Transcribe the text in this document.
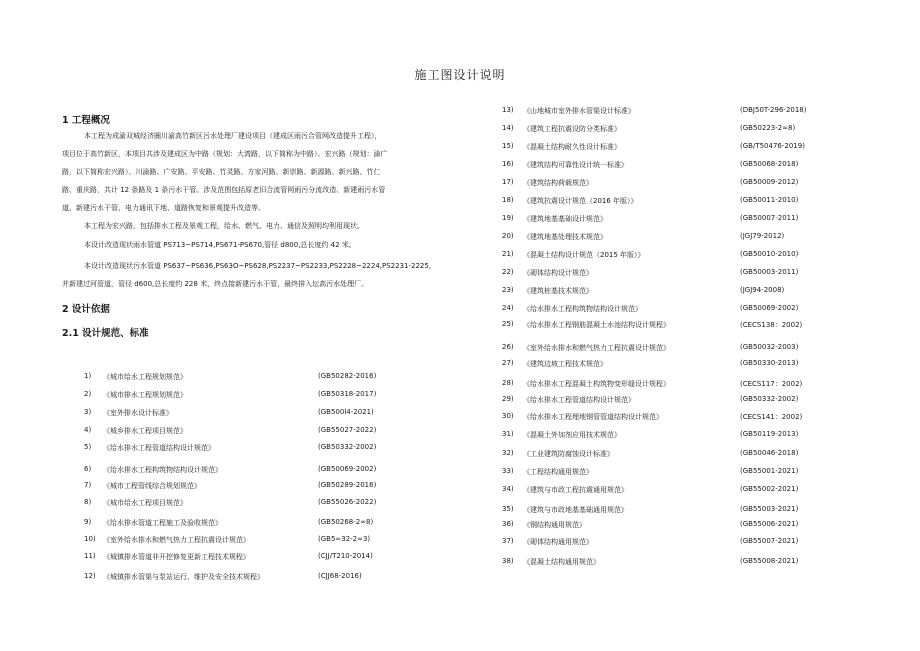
施工图设计说明
1 工程概况
本工程为成渝双城经济圈川渝高竹新区污水处理厂建设项目（建成区雨污合管网改造提升工程），
项目位于高竹新区，本项目共涉及建成区为中路（规划：大湾路，以下简称为中路）、宏兴路（规划：渝广
路，以下简称宏兴路）、川渝路、广安路、平安路、竹灵路、方家河路、新崇路、新源路、新兴路、竹仁
路、重庆路，共计 12 条路及 1 条污水干管。涉及范围包括原老旧合流管网雨污分流改造、新建雨污水管
道、新建污水干管、电力通讯下地、道路恢复和景观提升改造等。
本工程为宏兴路，包括排水工程及景观工程，给水、燃气、电力、通信及照明均利用现状。
本设计改造现状雨水管道 PS713~PS714,PS671-PS670,管径 d800,总长度约 42 米。
本设计改造现状污水管道 PS637~PS636,PS63O~PS628,PS2237~PS2233,PS2228~2224,PS2231-2225,
并新建过河管道，管径 d600,总长度约 228 米，终点接新建污水干管，最终排入坛高污水处理厂。
2 设计依据
2.1 设计规范、标准
1) 《城市给水工程规划规范》	(GB50282-2016)
2) 《城市排水工程规划规范》	(GB50318-2017)
3) 《室外排水设计标准》	(GB500l4-2021)
4) 《城乡排水工程项目规范》	(GB55027-2022)
5) 《给水排水工程管道结构设计规范》	(GB50332-2002)
6) 《给水排水工程构筑物结构设计规范》	(GB50069-2002)
7) 《城市工程管线综合规划规范》	(GB50289-2016)
8) 《城市给水工程项目规范》	(GB55026-2022)
9) 《给水排水管道工程施工及验收规范》	(GB50268-2∞8)
10) 《室外给水排水和燃气热力工程抗震设计规范》	(GB5∞32-2∞3)
11) 《城镇排水管道非开挖修复更新工程技术规程》	(CJJ/T210-2014)
12) 《城镇排水管渠与泵站运行、维护及安全技术规程》	(CJJ68-2016)
13) 《山地城市室外排水管渠设计标准》	(DBJ50T-296-2018)
14) 《建筑工程抗震设防分类标准》	(GB50223-2∞8)
15) 《混凝土结构耐久性设计标准》	(GB/T50476-2019)
16) 《建筑结构可靠性设计统一标准》	(GB50068-2018)
17) 《建筑结构荷载规范》	(GB50009-2012)
18) 《建筑抗震设计规范（2016 年版）》	(GB50011-2010)
19) 《建筑地基基础设计规范》	(GB50007-2011)
20) 《建筑地基处理技术规范》	(JGJ79-2012)
21) 《混凝土结构设计规范（2015 年版）》	(GB50010-2010)
22) 《砌体结构设计规范》	(GB50003-2011)
23) 《建筑桩基技术规范》	(JGJ94-2008)
24) 《给水排水工程构筑物结构设计规范》	(GB50069-2002)
25) 《给水排水工程钢筋混凝土水池结构设计规程》	(CECS138：2002)
26) 《室外给水排水和燃气热力工程抗震设计规范》	(GB50032-2003)
27) 《建筑边坡工程技术规范》	(GB50330-2013)
28) 《给水排水工程混凝土构筑物变形缝设计规程》	(CECS117：2002)
29) 《给水排水工程管道结构设计规范》	(GB50332-2002)
30) 《给水排水工程埋地钢管管道结构设计规范》	(CECS141：2002)
31) 《混凝土外加剂应用技术规范》	(GB50119-2013)
32) 《工业建筑防腐蚀设计标准》	(GB50046-2018)
33) 《工程结构通用规范》	(GB55001-2021)
34) 《建筑与市政工程抗震通用规范》	(GB55002-2021)
35) 《建筑与市政地基基础通用规范》	(GB55003-2021)
36) 《钢结构通用规范》	(GB55006-2021)
37) 《砌体结构通用规范》	(GB55007-2021)
38) 《混凝土结构通用规范》	(GB55008-2021)
